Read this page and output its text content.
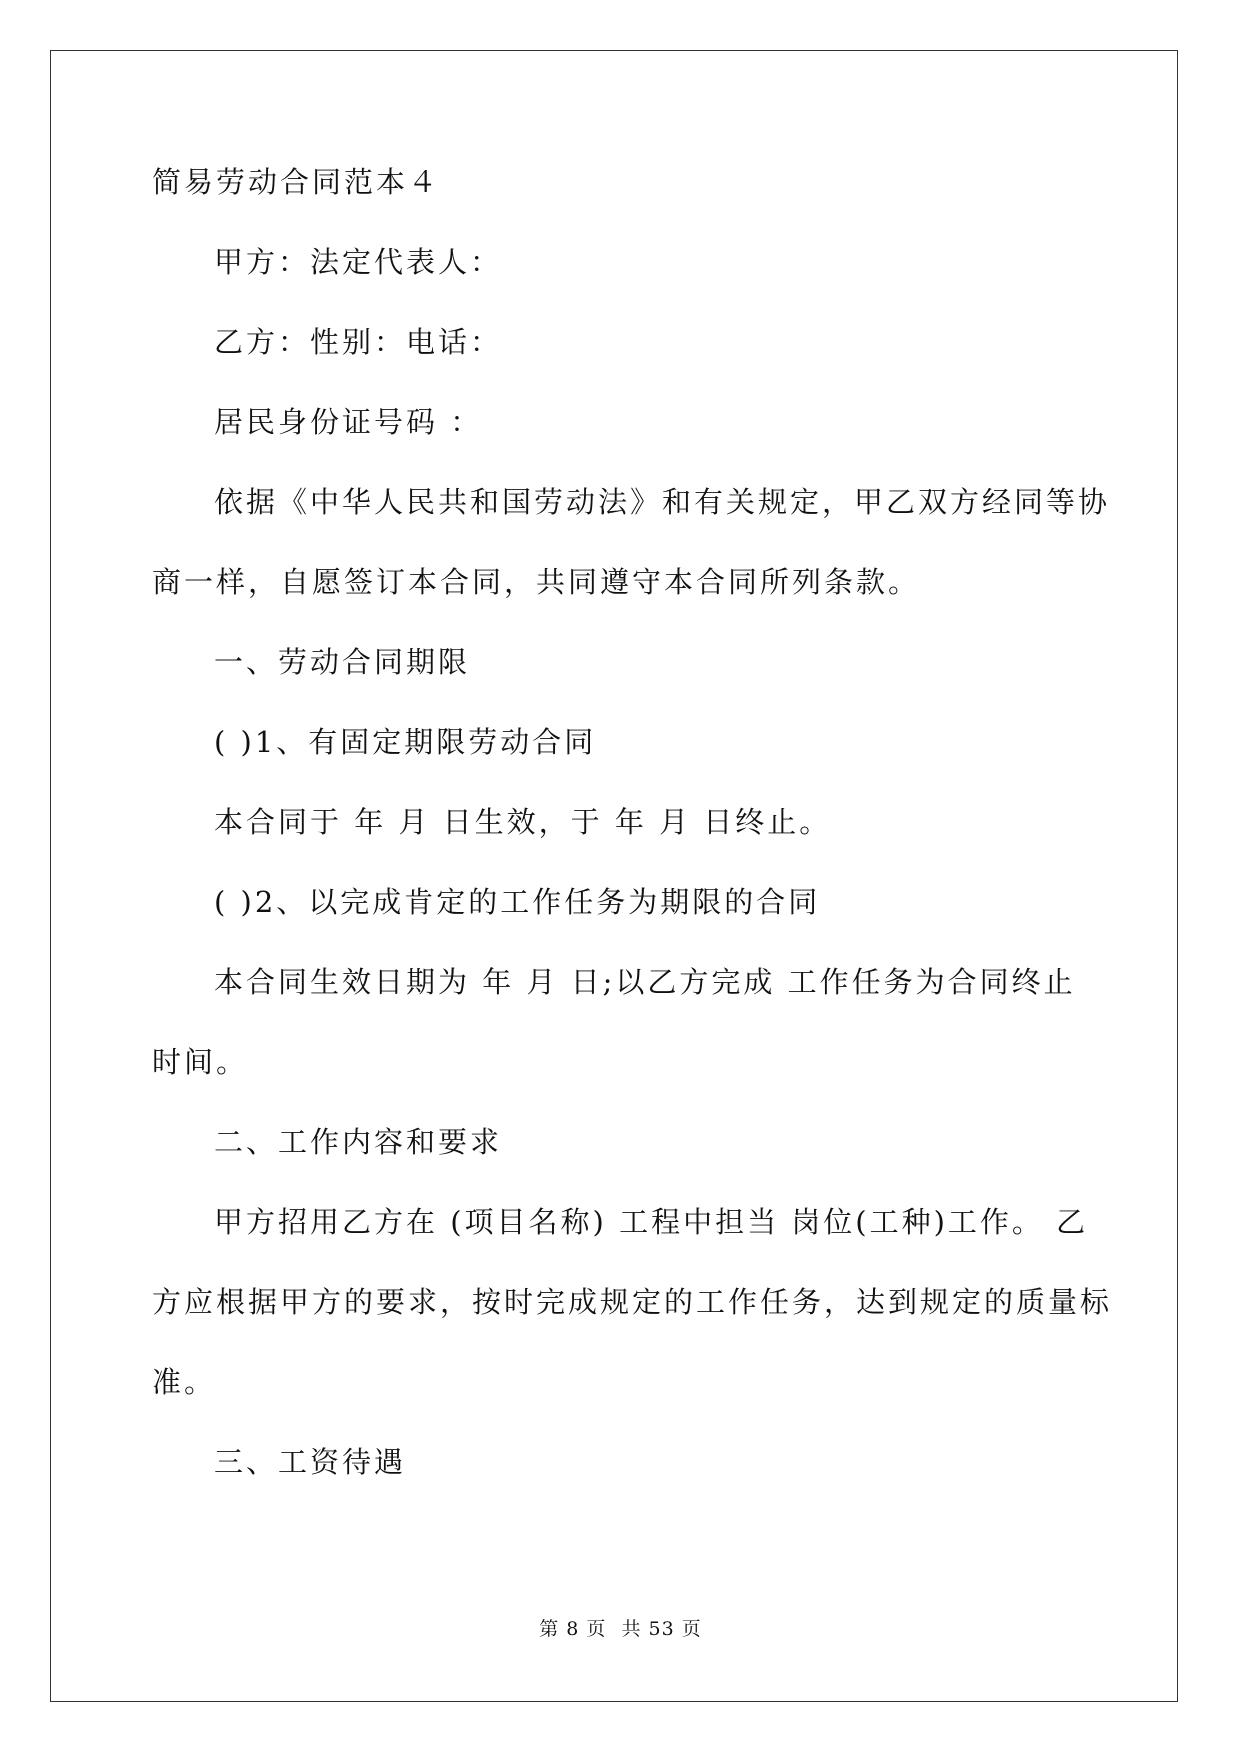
简易劳动合同范本４
甲方：法定代表人：
乙方：性别：电话：
居民身份证号码 ：
依据《中华人民共和国劳动法》和有关规定，甲乙双方经同等协
商一样，自愿签订本合同，共同遵守本合同所列条款。
一、劳动合同期限
( )1、有固定期限劳动合同
本合同于 年 月 日生效，于 年 月 日终止。
( )2、以完成肯定的工作任务为期限的合同
本合同生效日期为 年 月 日;以乙方完成 工作任务为合同终止
时间。
二、工作内容和要求
甲方招用乙方在 (项目名称) 工程中担当 岗位(工种)工作。 乙
方应根据甲方的要求，按时完成规定的工作任务，达到规定的质量标
准。
三、工资待遇
第 8 页 共 53 页
